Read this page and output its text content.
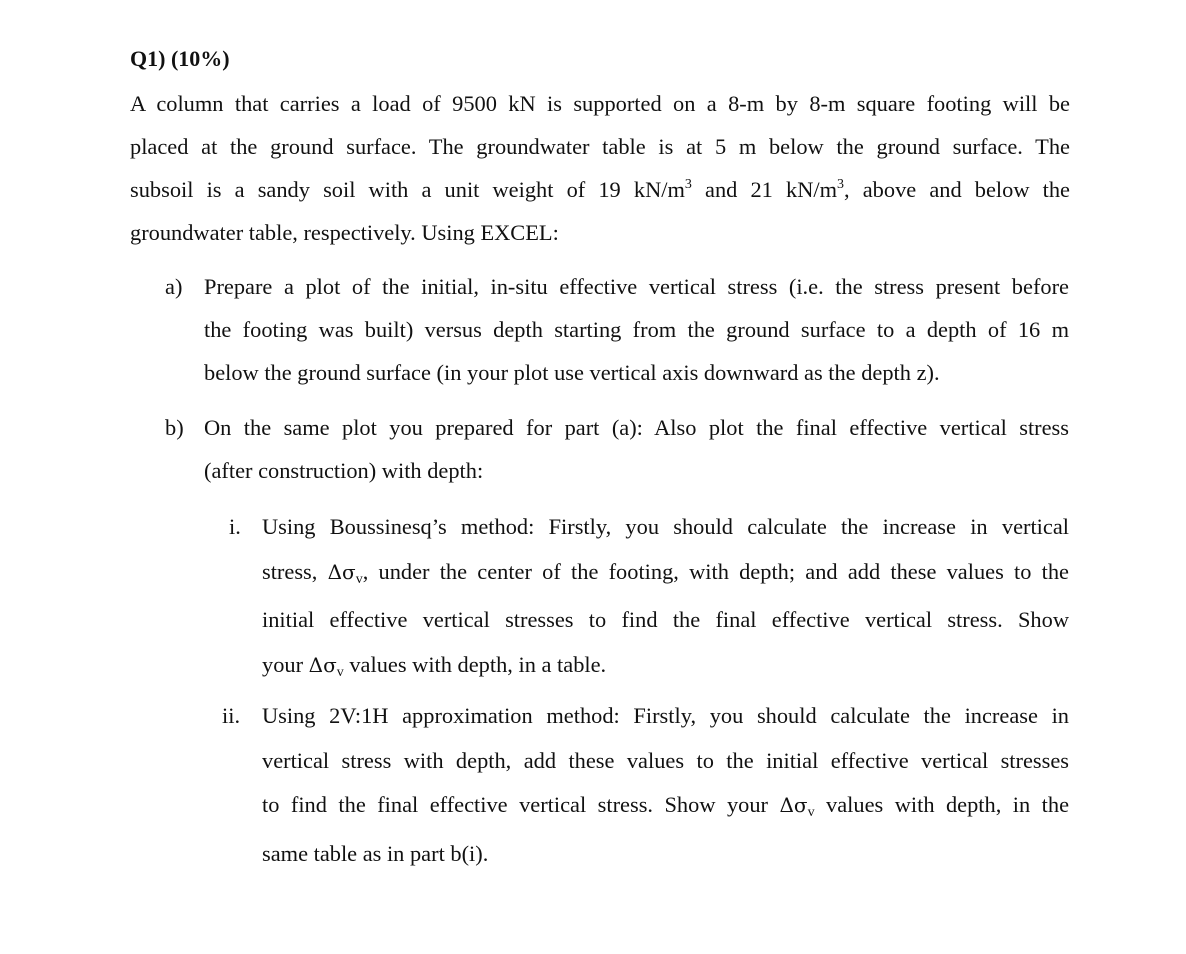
Q1) (10%)
A column that carries a load of 9500 kN is supported on a 8-m by 8-m square footing will be
placed at the ground surface. The groundwater table is at 5 m below the ground surface. The
subsoil is a sandy soil with a unit weight of 19 $kN/m^3$ and 21 $kN/m^3$, above and below the
groundwater table, respectively. Using EXCEL:
a) Prepare a plot of the initial, in-situ effective vertical stress (i.e. the stress present before
the footing was built) versus depth starting from the ground surface to a depth of 16 m
below the ground surface (in your plot use vertical axis downward as the depth z).
b) On the same plot you prepared for part (a): Also plot the final effective vertical stress
(after construction) with depth:
i. Using Boussinesq’s method: Firstly, you should calculate the increase in vertical
stress, Δσv, under the center of the footing, with depth; and add these values to the
initial effective vertical stresses to find the final effective vertical stress. Show
your Δσv values with depth, in a table.
ii. Using 2V:1H approximation method: Firstly, you should calculate the increase in
vertical stress with depth, add these values to the initial effective vertical stresses
to find the final effective vertical stress. Show your Δσv values with depth, in the
same table as in part b(i).
